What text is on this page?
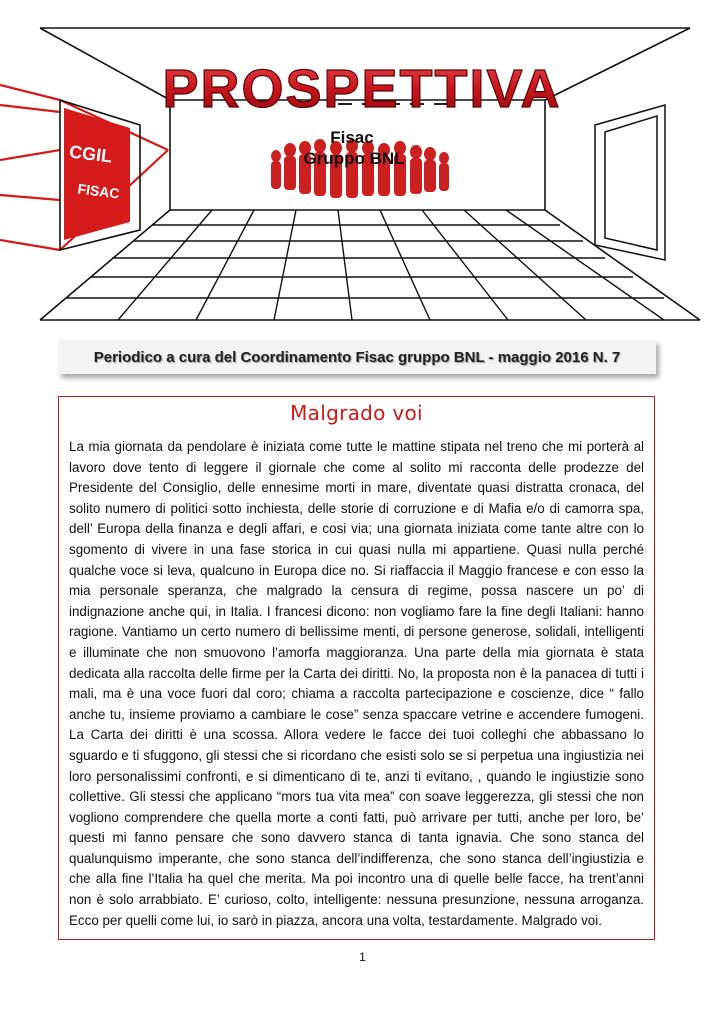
CGIL
FISAC
PROSPETTIVA
Fisac
Gruppo BNL
Periodico a cura del Coordinamento Fisac gruppo BNL - maggio 2016 N. 7
Malgrado voi

La mia giornata da pendolare è iniziata come tutte le mattine stipata nel treno che mi porterà al lavoro dove tento di leggere il giornale che come al solito mi racconta delle prodezze del Presidente del Consiglio, delle ennesime morti in mare, diventate quasi distratta cronaca, del solito numero di politici sotto inchiesta, delle storie di corruzione e di Mafia e/o di camorra spa, dell’ Europa della finanza e degli affari, e cosi via; una giornata iniziata come tante altre con lo sgomento di vivere in una fase storica in cui quasi nulla mi appartiene. Quasi nulla perché qualche voce si leva, qualcuno in Europa dice no. Si riaffaccia il Maggio francese e con esso la mia personale speranza, che malgrado la censura di regime, possa nascere un po’ di indignazione anche qui, in Italia. I francesi dicono: non vogliamo fare la fine degli Italiani: hanno ragione. Vantiamo un certo numero di bellissime menti, di persone generose, solidali, intelligenti e illuminate che non smuovono l’amorfa maggioranza. Una parte della mia giornata è stata dedicata alla raccolta delle firme per la Carta dei diritti. No, la proposta non è la panacea di tutti i mali, ma è una voce fuori dal coro; chiama a raccolta partecipazione e coscienze, dice “ fallo anche tu, insieme proviamo a cambiare le cose” senza spaccare vetrine e accendere fumogeni. La Carta dei diritti è una scossa. Allora vedere le facce dei tuoi colleghi che abbassano lo sguardo e ti sfuggono, gli stessi che si ricordano che esisti solo se si perpetua una ingiustizia nei loro personalissimi confronti, e si dimenticano di te, anzi ti evitano, , quando le ingiustizie sono collettive. Gli stessi che applicano “mors tua vita mea” con soave leggerezza, gli stessi che non vogliono comprendere che quella morte a conti fatti, può arrivare per tutti, anche per loro, be’ questi mi fanno pensare che sono davvero stanca di tanta ignavia. Che sono stanca del qualunquismo imperante, che sono stanca dell’indifferenza, che sono stanca dell’ingiustizia e che alla fine l’Italia ha quel che merita. Ma poi incontro una di quelle belle facce, ha trent’anni non è solo arrabbiato. E’ curioso, colto, intelligente: nessuna presunzione, nessuna arroganza. Ecco per quelli come lui, io sarò in piazza, ancora una volta, testardamente. Malgrado voi.

1
